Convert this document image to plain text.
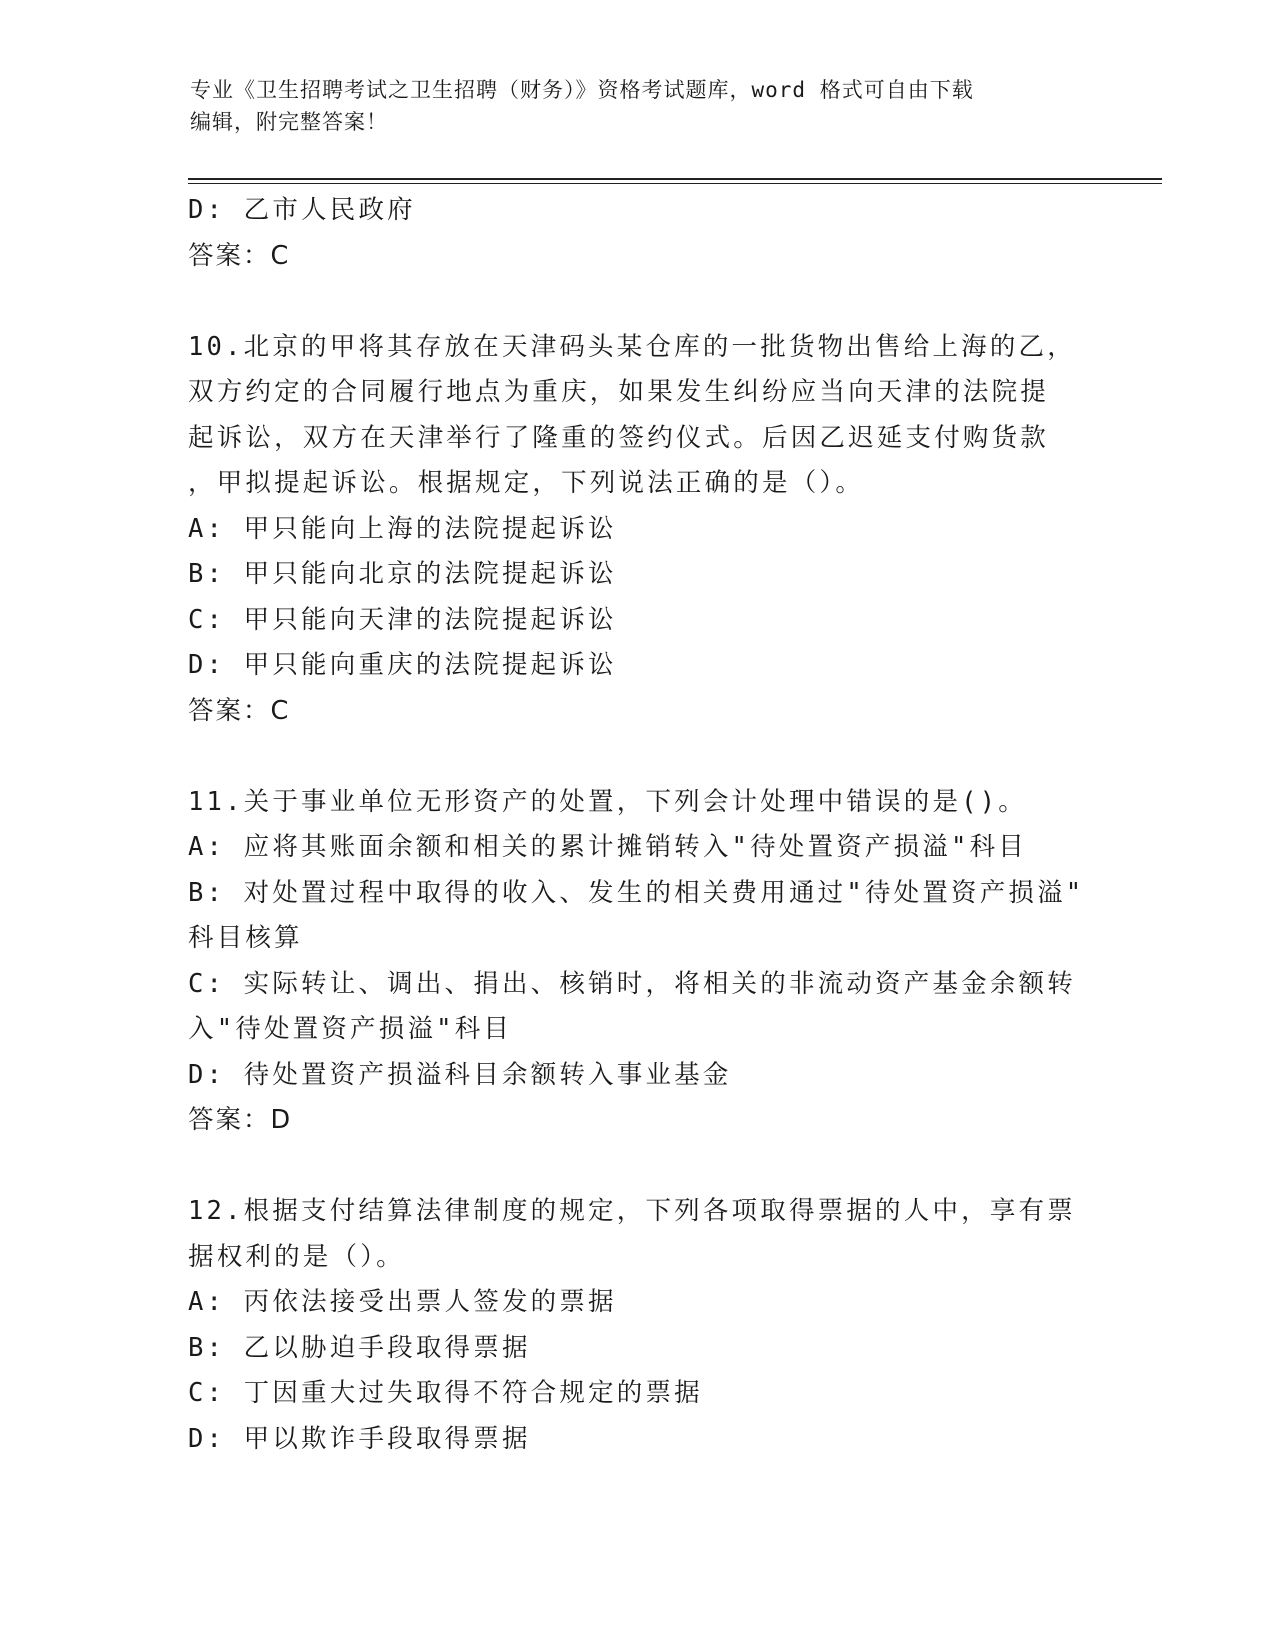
专业《卫生招聘考试之卫生招聘（财务）》资格考试题库，word 格式可自由下载
编辑，附完整答案！
D: 乙市人民政府
答案：C
10.北京的甲将其存放在天津码头某仓库的一批货物出售给上海的乙，
双方约定的合同履行地点为重庆，如果发生纠纷应当向天津的法院提
起诉讼，双方在天津举行了隆重的签约仪式。后因乙迟延支付购货款
，甲拟提起诉讼。根据规定，下列说法正确的是（）。
A: 甲只能向上海的法院提起诉讼
B: 甲只能向北京的法院提起诉讼
C: 甲只能向天津的法院提起诉讼
D: 甲只能向重庆的法院提起诉讼
答案：C
11.关于事业单位无形资产的处置，下列会计处理中错误的是()。
A: 应将其账面余额和相关的累计摊销转入"待处置资产损溢"科目
B: 对处置过程中取得的收入、发生的相关费用通过"待处置资产损溢"
科目核算
C: 实际转让、调出、捐出、核销时，将相关的非流动资产基金余额转
入"待处置资产损溢"科目
D: 待处置资产损溢科目余额转入事业基金
答案：D
12.根据支付结算法律制度的规定，下列各项取得票据的人中，享有票
据权利的是（）。
A: 丙依法接受出票人签发的票据
B: 乙以胁迫手段取得票据
C: 丁因重大过失取得不符合规定的票据
D: 甲以欺诈手段取得票据
